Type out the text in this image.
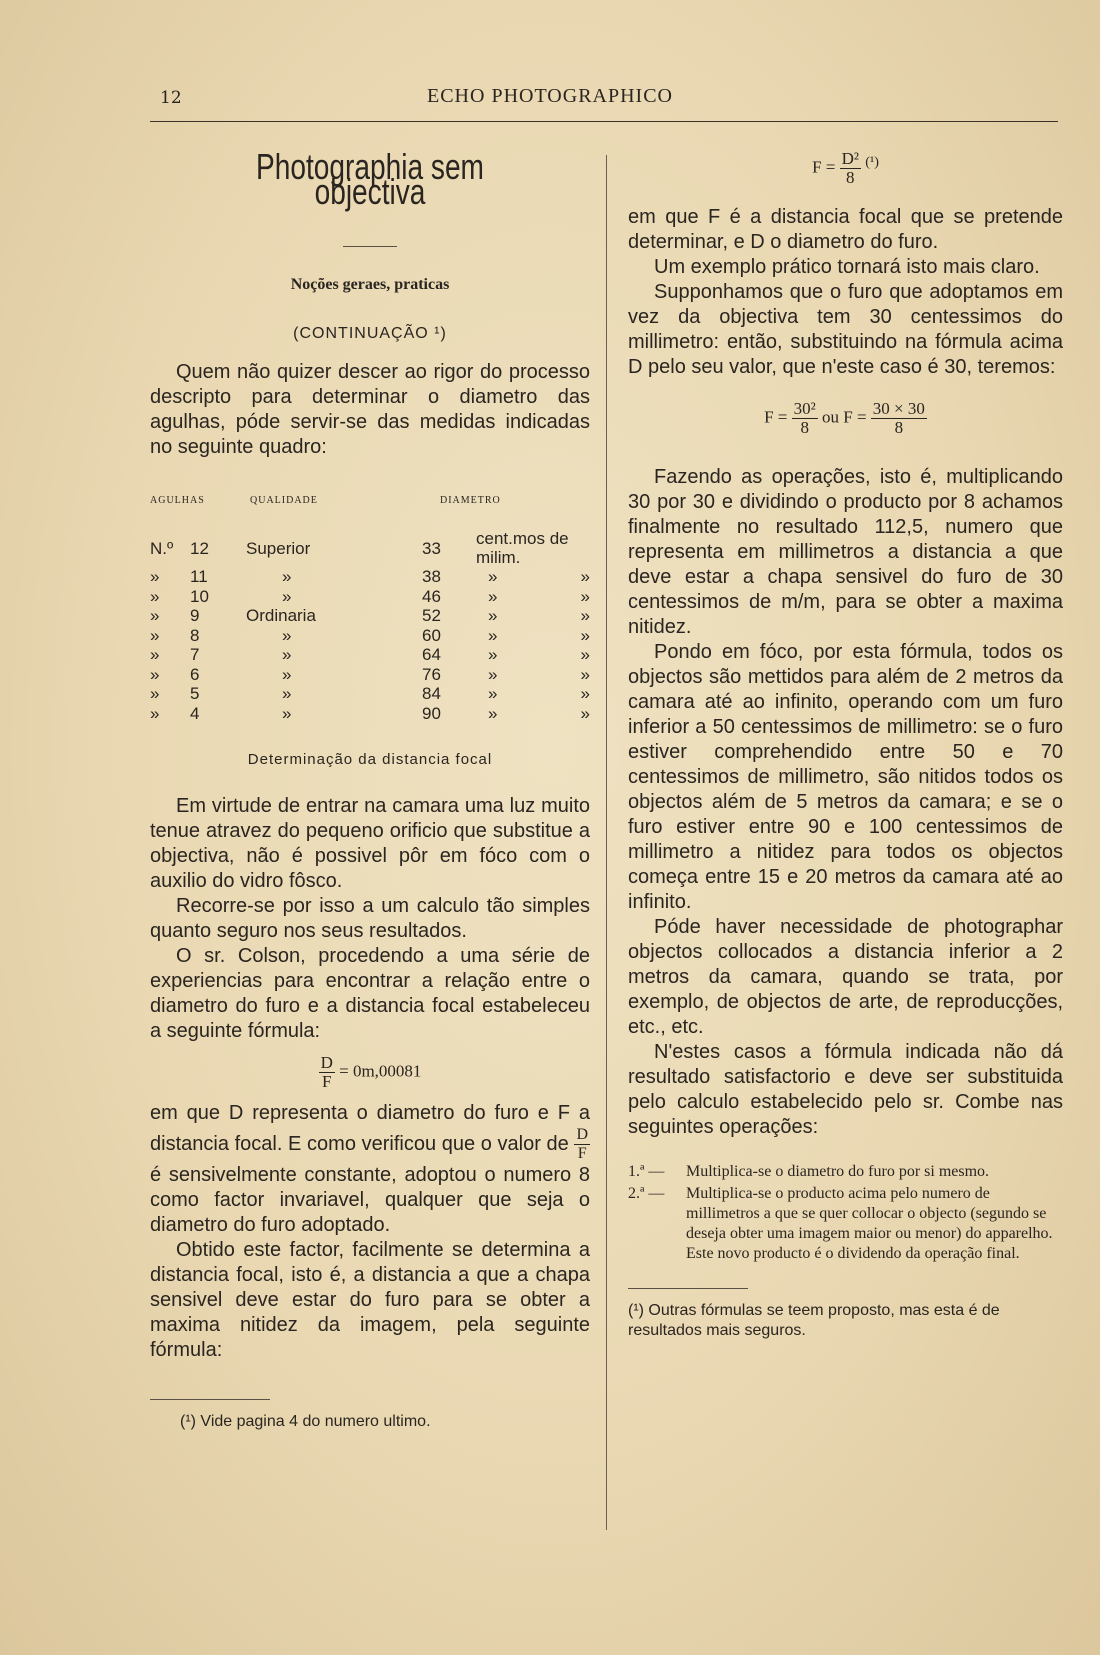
12	ECHO PHOTOGRAPHICO
Photographia sem objectiva
Noções geraes, praticas
(CONTINUAÇÃO ¹)

Quem não quizer descer ao rigor do processo descripto para determinar o diametro das agulhas, póde servir-se das medidas indicadas no seguinte quadro:

AGULHAS	QUALIDADE	DIAMETRO
N.º	12	Superior	33	cent.mos de milim.	
»	11	»	38	»	»
»	10	»	46	»	»
»	9	Ordinaria	52	»	»
»	8	»	60	»	»
»	7	»	64	»	»
»	6	»	76	»	»
»	5	»	84	»	»
»	4	»	90	»	»
Determinação da distancia focal

Em virtude de entrar na camara uma luz muito tenue atravez do pequeno orificio que substitue a objectiva, não é possivel pôr em fóco com o auxilio do vidro fôsco.

Recorre-se por isso a um calculo tão simples quanto seguro nos seus resultados.

O sr. Colson, procedendo a uma série de experiencias para encontrar a relação entre o diametro do furo e a distancia focal estabeleceu a seguinte fórmula:

$\frac{D}{F} = 0m,00081$

em que D representa o diametro do furo e F a distancia focal. E como verificou que o valor de $\frac{D}{F}$
é sensivelmente constante, adoptou o numero 8 como factor invariavel, qualquer que seja o diametro do furo adoptado.

Obtido este factor, facilmente se determina a distancia focal, isto é, a distancia a que a chapa sensivel deve estar do furo para se obter a maxima nitidez da imagem, pela seguinte fórmula:

(¹) Vide pagina 4 do numero ultimo.
$F = \frac{\text{D²}}{8} ^{(^1)}$

em que F é a distancia focal que se pretende determinar, e D o diametro do furo.

Um exemplo prático tornará isto mais claro.

Supponhamos que o furo que adoptamos em vez da objectiva tem 30 centessimos do millimetro: então, substituindo na fórmula acima D pelo seu valor, que n'este caso é 30, teremos:

$F = \frac{\text{30²}}{8}$ ou $F = \frac{30 \times 30}{8}$

Fazendo as operações, isto é, multiplicando 30 por 30 e dividindo o producto por 8 achamos finalmente no resultado 112,5, numero que representa em millimetros a distancia a que deve estar a chapa sensivel do furo de 30 centessimos de m/m, para se obter a maxima nitidez.

Pondo em fóco, por esta fórmula, todos os objectos são mettidos para além de 2 metros da camara até ao infinito, operando com um furo inferior a 50 centessimos de millimetro: se o furo estiver comprehendido entre 50 e 70 centessimos de millimetro, são nitidos todos os objectos além de 5 metros da camara; e se o furo estiver entre 90 e 100 centessimos de millimetro a nitidez para todos os objectos começa entre 15 e 20 metros da camara até ao infinito.

Póde haver necessidade de photographar objectos collocados a distancia inferior a 2 metros da camara, quando se trata, por exemplo, de objectos de arte, de reproducções, etc., etc.

N'estes casos a fórmula indicada não dá resultado satisfactorio e deve ser substituida pelo calculo estabelecido pelo sr. Combe nas seguintes operações:

1.ª —	Multiplica-se o diametro do furo por si mesmo.
2.ª —	Multiplica-se o producto acima pelo numero de millimetros a que se quer collocar o objecto (segundo se deseja obter uma imagem maior ou menor) do apparelho. Este novo producto é o dividendo da operação final.
(¹) Outras fórmulas se teem proposto, mas esta é de resultados mais seguros.
